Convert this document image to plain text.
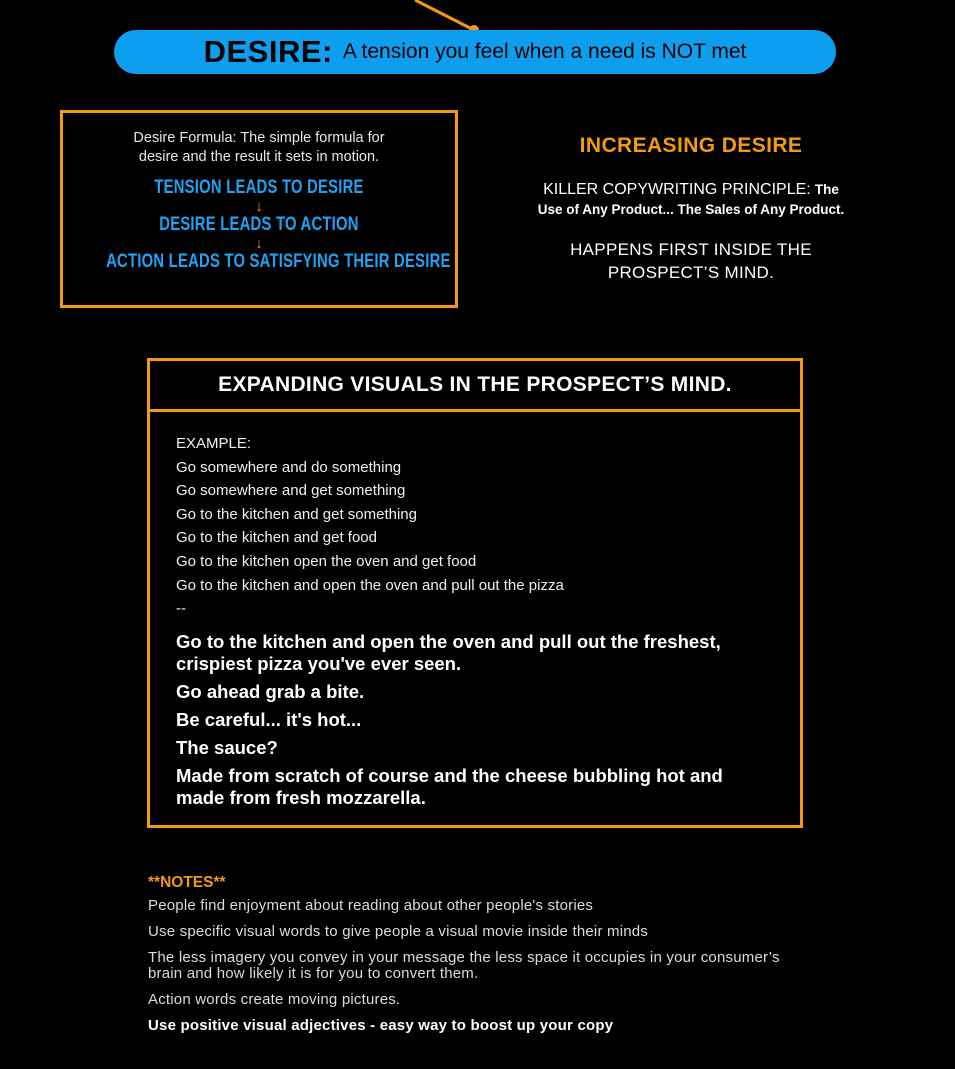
DESIRE: A tension you feel when a need is NOT met
Desire Formula: The simple formula for
desire and the result it sets in motion.
TENSION LEADS TO DESIRE
↓
DESIRE LEADS TO ACTION
↓
ACTION LEADS TO SATISFYING THEIR DESIRE
INCREASING DESIRE
KILLER COPYWRITING PRINCIPLE: The
Use of Any Product... The Sales of Any Product.
HAPPENS FIRST INSIDE THE
PROSPECT’S MIND.
EXPANDING VISUALS IN THE PROSPECT’S MIND.
EXAMPLE:
Go somewhere and do something
Go somewhere and get something
Go to the kitchen and get something
Go to the kitchen and get food
Go to the kitchen open the oven and get food
Go to the kitchen and open the oven and pull out the pizza
--
Go to the kitchen and open the oven and pull out the freshest, crispiest pizza you've ever seen.
Go ahead grab a bite.
Be careful... it's hot...
The sauce?
Made from scratch of course and the cheese bubbling hot and made from fresh mozzarella.
**NOTES**
People find enjoyment about reading about other people's stories
Use specific visual words to give people a visual movie inside their minds
The less imagery you convey in your message the less space it occupies in your consumer’s brain and how likely it is for you to convert them.
Action words create moving pictures.
Use positive visual adjectives - easy way to boost up your copy
